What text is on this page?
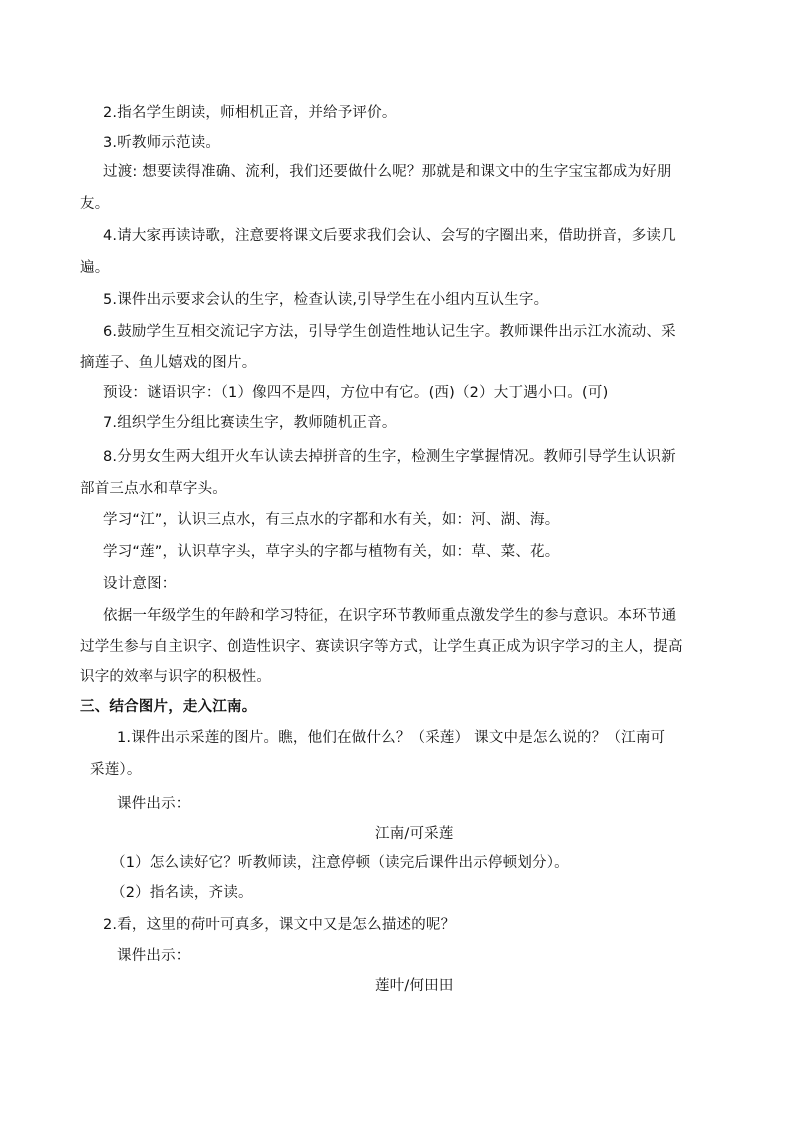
2.指名学生朗读，师相机正音，并给予评价。
3.听教师示范读。
过渡: 想要读得准确、流利，我们还要做什么呢？那就是和课文中的生字宝宝都成为好朋
友。
4.请大家再读诗歌，注意要将课文后要求我们会认、会写的字圈出来，借助拼音，多读几
遍。
5.课件出示要求会认的生字，检查认读,引导学生在小组内互认生字。
6.鼓励学生互相交流记字方法，引导学生创造性地认记生字。教师课件出示江水流动、采
摘莲子、鱼儿嬉戏的图片。
预设：谜语识字：（1）像四不是四，方位中有它。(西)（2）大丁遇小口。(可)
7.组织学生分组比赛读生字，教师随机正音。
8.分男女生两大组开火车认读去掉拼音的生字，检测生字掌握情况。教师引导学生认识新
部首三点水和草字头。
学习“江”，认识三点水，有三点水的字都和水有关，如：河、湖、海。
学习“莲”，认识草字头，草字头的字都与植物有关，如：草、菜、花。
设计意图：
依据一年级学生的年龄和学习特征，在识字环节教师重点激发学生的参与意识。本环节通
过学生参与自主识字、创造性识字、赛读识字等方式，让学生真正成为识字学习的主人，提高
识字的效率与识字的积极性。
三、结合图片，走入江南。
1.课件出示采莲的图片。瞧，他们在做什么？（采莲） 课文中是怎么说的？（江南可
采莲）。
课件出示：
江南/可采莲
（1）怎么读好它？听教师读，注意停顿（读完后课件出示停顿划分）。
（2）指名读，齐读。
2.看，这里的荷叶可真多，课文中又是怎么描述的呢？
课件出示：
莲叶/何田田
